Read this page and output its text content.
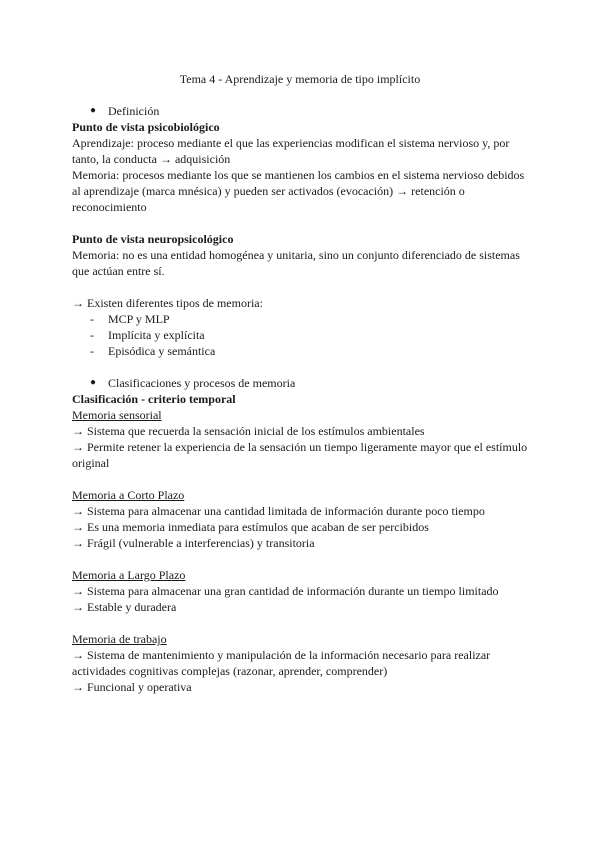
Tema 4 - Aprendizaje y memoria de tipo implícito

● Definición

Punto de vista psicobiológico

Aprendizaje: proceso mediante el que las experiencias modifican el sistema nervioso y, por tanto, la conducta → adquisición

Memoria: procesos mediante los que se mantienen los cambios en el sistema nervioso debidos al aprendizaje (marca mnésica) y pueden ser activados (evocación) → retención o reconocimiento

Punto de vista neuropsicológico

Memoria: no es una entidad homogénea y unitaria, sino un conjunto diferenciado de sistemas que actúan entre sí.

→ Existen diferentes tipos de memoria:

- MCP y MLP

- Implícita y explícita

- Episódica y semántica

● Clasificaciones y procesos de memoria

Clasificación - criterio temporal

Memoria sensorial

→ Sistema que recuerda la sensación inicial de los estímulos ambientales

→ Permite retener la experiencia de la sensación un tiempo ligeramente mayor que el estímulo original

Memoria a Corto Plazo

→ Sistema para almacenar una cantidad limitada de información durante poco tiempo

→ Es una memoria inmediata para estímulos que acaban de ser percibidos

→ Frágil (vulnerable a interferencias) y transitoria

Memoria a Largo Plazo

→ Sistema para almacenar una gran cantidad de información durante un tiempo limitado

→ Estable y duradera

Memoria de trabajo

→ Sistema de mantenimiento y manipulación de la información necesario para realizar actividades cognitivas complejas (razonar, aprender, comprender)

→ Funcional y operativa
